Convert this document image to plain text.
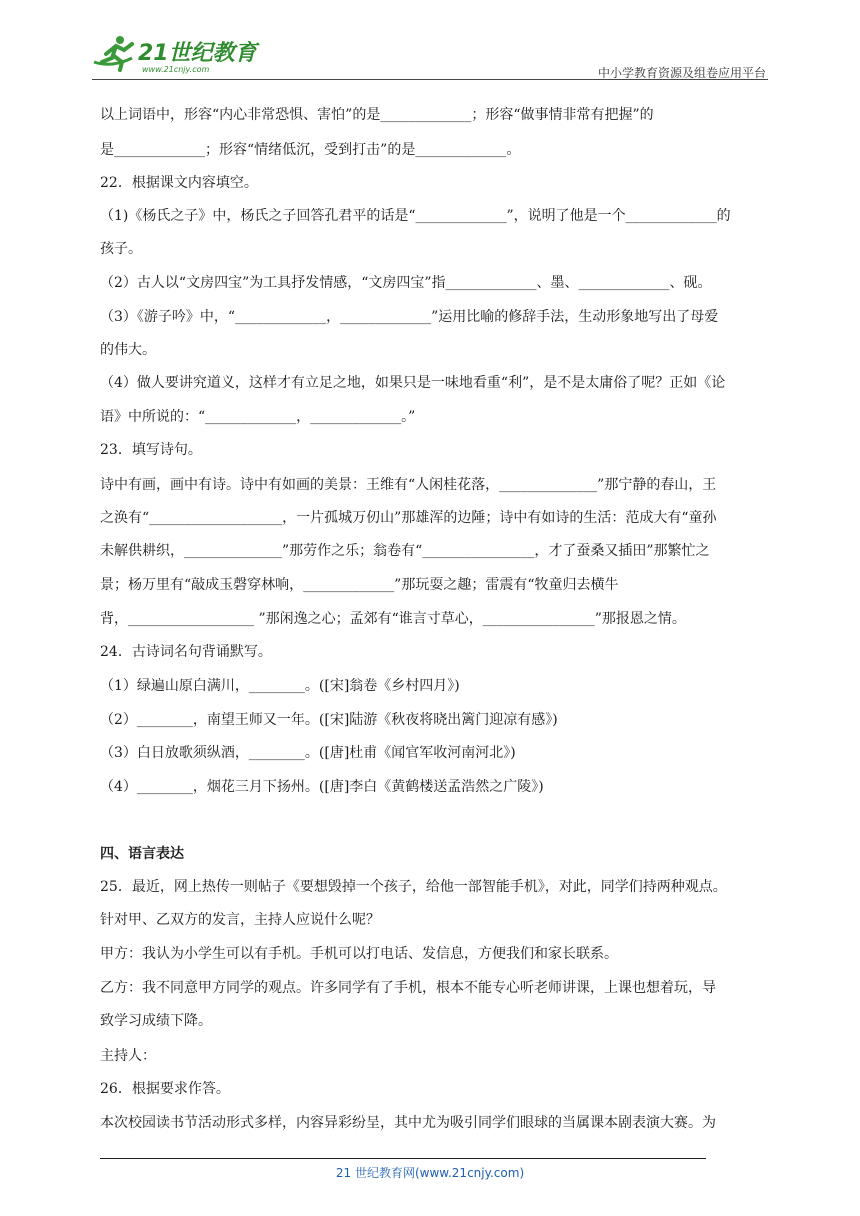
21世纪教育
www.21cnjy.com	中小学教育资源及组卷应用平台
以上词语中，形容“内心非常恐惧、害怕”的是_____________；形容“做事情非常有把握”的
是_____________；形容“情绪低沉，受到打击”的是_____________。
22．根据课文内容填空。
（1)《杨氏之子》中，杨氏之子回答孔君平的话是“_____________”，说明了他是一个_____________的
孩子。
（2）古人以“文房四宝”为工具抒发情感，“文房四宝”指_____________、墨、_____________、砚。
（3）《游子吟》中，“_____________，_____________”运用比喻的修辞手法，生动形象地写出了母爱
的伟大。
（4）做人要讲究道义，这样才有立足之地，如果只是一味地看重“利”，是不是太庸俗了呢？正如《论
语》中所说的：“_____________，_____________。”
23．填写诗句。
诗中有画，画中有诗。诗中有如画的美景：王维有“人闲桂花落，______________”那宁静的春山，王
之涣有“___________________，一片孤城万仞山”那雄浑的边陲；诗中有如诗的生活：范成大有“童孙
未解供耕织，______________”那劳作之乐；翁卷有“________________，才了蚕桑又插田”那繁忙之
景；杨万里有“敲成玉磬穿林响，_____________”那玩耍之趣；雷震有“牧童归去横牛
背，__________________ ”那闲逸之心；孟郊有“谁言寸草心，________________”那报恩之情。
24．古诗词名句背诵默写。
（1）绿遍山原白满川，________。([宋]翁卷《乡村四月》)
（2）________，南望王师又一年。([宋]陆游《秋夜将晓出篱门迎凉有感》)
（3）白日放歌须纵酒，________。([唐]杜甫《闻官军收河南河北》)
（4）________，烟花三月下扬州。([唐]李白《黄鹤楼送孟浩然之广陵》)
四、语言表达
25．最近，网上热传一则帖子《要想毁掉一个孩子，给他一部智能手机》，对此，同学们持两种观点。
针对甲、乙双方的发言，主持人应说什么呢？
甲方：我认为小学生可以有手机。手机可以打电话、发信息，方便我们和家长联系。
乙方：我不同意甲方同学的观点。许多同学有了手机，根本不能专心听老师讲课，上课也想着玩，导
致学习成绩下降。
主持人：
26．根据要求作答。
本次校园读书节活动形式多样，内容异彩纷呈，其中尤为吸引同学们眼球的当属课本剧表演大赛。为
21 世纪教育网(www.21cnjy.com)
